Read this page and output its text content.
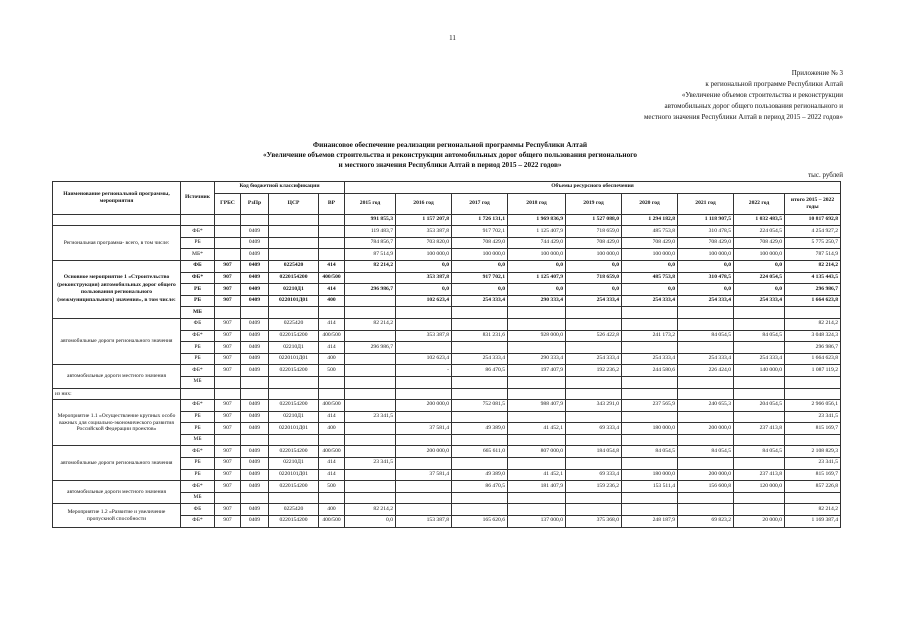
11
Приложение № 3
к региональной программе Республики Алтай
«Увеличение объемов строительства и реконструкции
автомобильных дорог общего пользования регионального и
местного значения Республики Алтай в период 2015 – 2022 годов»
Финансовое обеспечение реализации региональной программы Республики Алтай
«Увеличение объемов строительства и реконструкции автомобильных дорог общего пользования регионального
и местного значения Республики Алтай в период 2015 – 2022 годов»
тыс. рублей
Наименование региональной программы, мероприятия	Источник	Код бюджетной классификации				Объемы ресурсного обеспечения								
		ГРБС	РзПр	ЦСР	ВР	2015 год	2016 год	2017 год	2018 год	2019 год	2020 год	2021 год	2022 год	итого 2015 – 2022 годы
						991 855,3	1 157 207,8	1 726 131,1	1 969 836,9	1 527 088,0	1 294 182,8	1 118 907,5	1 032 483,5	10 817 692,8
Региональная программа- всего, в том числе:	ФБ*		0409			119 483,7	353 387,8	917 702,1	1 125 407,9	718 659,0	485 753,8	310 478,5	224 054,5	4 254 927,2
	РБ		0409			784 856,7	703 820,0	708 429,0	744 429,0	708 429,0	708 429,0	708 429,0	708 429,0	5 775 250,7
	МБ*		0409			87 514,9	100 000,0	100 000,0	100 000,0	100 000,0	100 000,0	100 000,0	100 000,0	787 514,9
Основное мероприятие 1 «Строительство (реконструкция) автомобильных дорог общего пользования регионального (межмуниципального) значения», в том числе:	ФБ	907	0409	0225420	414	82 214,2	0,0	0,0	0,0	0,0	0,0	0,0	0,0	82 214,2
	ФБ*	907	0409	0220154200	400/500		353 387,8	917 702,1	1 125 407,9	718 659,0	485 753,8	310 478,5	224 054,5	4 135 443,5
	РБ	907	0409	02210Д1	414	296 986,7	0,0	0,0	0,0	0,0	0,0	0,0	0,0	296 986,7
	РБ	907	0409	0220101Д01	400		102 623,4	254 333,4	290 333,4	254 333,4	254 333,4	254 333,4	254 333,4	1 664 623,8
	МБ													
автомобильные дороги регионального значения	ФБ	907	0409	0225420	414	82 214,2								82 214,2
	ФБ*	907	0409	0220154200	400/500		353 387,8	831 231,6	928 000,0	526 422,8	241 173,2	84 054,5	84 054,5	3 048 324,3
	РБ	907	0409	02210Д1	414	296 986,7								296 986,7
	РБ	907	0409	0220101Д01	400		102 623,4	254 333,4	290 333,4	254 333,4	254 333,4	254 333,4	254 333,4	1 664 623,8
автомобильные дороги местного значения	ФБ*	907	0409	0220154200	500		-	86 470,5	197 407,9	192 236,2	244 580,6	226 424,0	140 000,0	1 087 119,2
	МБ													
из них:														
Мероприятие 1.1 «Осуществление крупных особо важных для социально-экономического развития Российской Федерации проектов»	ФБ*	907	0409	0220154200	400/500		200 000,0	752 081,5	988 407,9	343 291,0	237 565,9	240 655,3	204 054,5	2 966 056,1
	РБ	907	0409	02210Д1	414	23 341,5								23 341,5
	РБ	907	0409	0220101Д01	400		37 581,4	49 389,0	41 452,1	69 333,4	180 000,0	200 000,0	237 413,8	815 169,7
	МБ													
автомобильные дороги регионального значения	ФБ*	907	0409	0220154200	400/500		200 000,0	665 611,0	807 000,0	184 054,8	84 054,5	84 054,5	84 054,5	2 108 829,3
	РБ	907	0409	02210Д1	414	23 341,5								23 341,5
	РБ	907	0409	0220101Д01	414		37 581,4	49 389,0	41 452,1	69 333,4	180 000,0	200 000,0	237 413,8	815 169,7
автомобильные дороги местного значения	ФБ*	907	0409	0220154200	500			86 470,5	181 407,9	159 236,2	153 511,4	156 600,8	120 000,0	857 226,8
	МБ													
Мероприятие 1.2 «Развитие и увеличение пропускной способности	ФБ	907	0409	0225420	400	82 214,2								82 214,2
	ФБ*	907	0409	0220154200	400/500	0,0	153 387,8	165 620,6	137 000,0	375 368,0	248 187,9	69 823,2	20 000,0	1 169 387,4
